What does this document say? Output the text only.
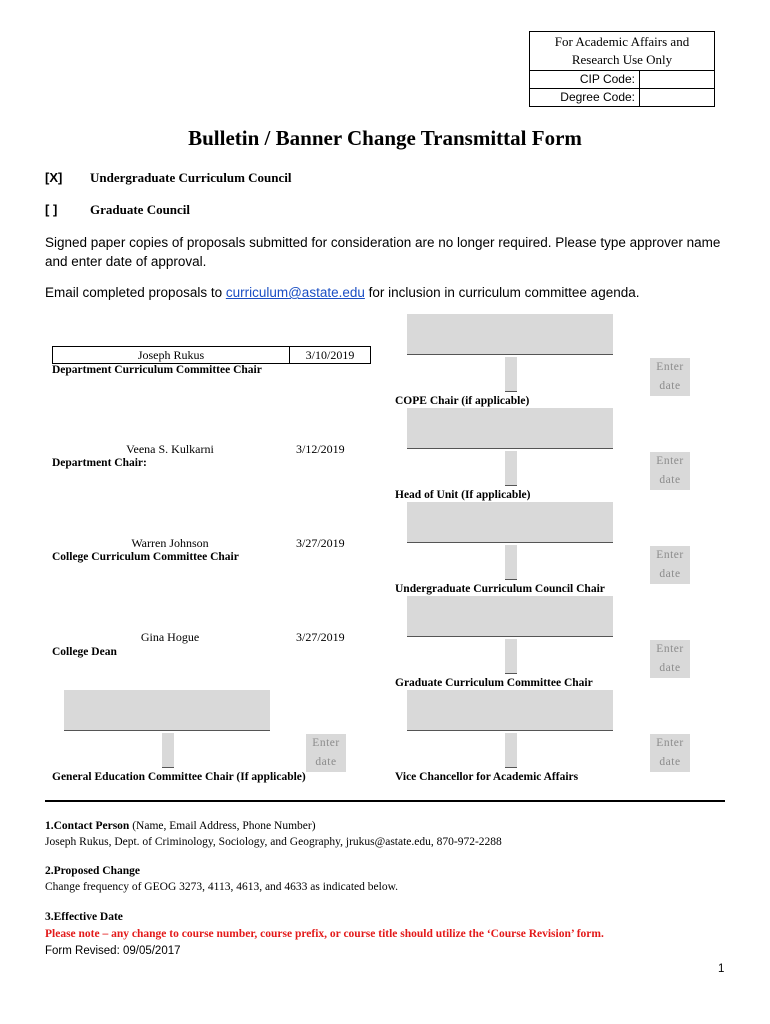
For Academic Affairs and Research Use Only
CIP Code:
Degree Code:
Bulletin / Banner Change Transmittal Form
[X] Undergraduate Curriculum Council
[ ]	Graduate Council
Signed paper copies of proposals submitted for consideration are no longer required. Please type approver name and enter date of approval.
Email completed proposals to curriculum@astate.edu for inclusion in curriculum committee agenda.
Joseph Rukus	3/10/2019
Department Curriculum Committee Chair
Veena S. Kulkarni	3/12/2019
Department Chair:
Warren Johnson	3/27/2019
College Curriculum Committee Chair
Gina Hogue	3/27/2019
College Dean
Enter
date
General Education Committee Chair (If applicable)
Enter
date
COPE Chair (if applicable)
Enter
date
Head of Unit (If applicable)
Enter
date
Undergraduate Curriculum Council Chair
Enter
date
Graduate Curriculum Committee Chair
Enter
date
Vice Chancellor for Academic Affairs
1.Contact Person (Name, Email Address, Phone Number)
Joseph Rukus, Dept. of Criminology, Sociology, and Geography, jrukus@astate.edu, 870-972-2288
2.Proposed Change
Change frequency of GEOG 3273, 4113, 4613, and 4633 as indicated below.
3.Effective Date
Please note – any change to course number, course prefix, or course title should utilize the ‘Course Revision’ form.
Form Revised: 09/05/2017
1
